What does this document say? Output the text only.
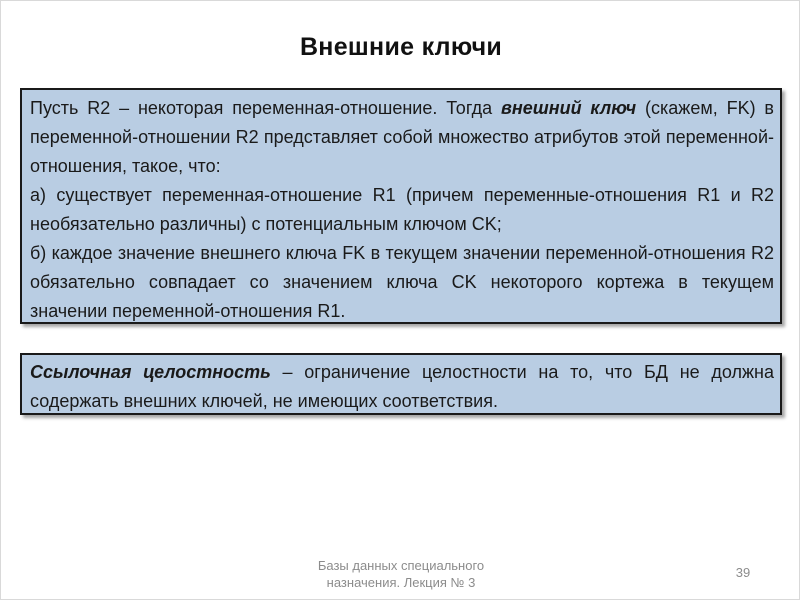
Внешние ключи

Пусть R2 – некоторая переменная-отношение. Тогда внешний ключ (скажем, FK) в переменной-отношении R2 представляет собой множество атрибутов этой переменной-отношения, такое, что:

а) существует переменная-отношение R1 (причем переменные-отношения R1 и R2 необязательно различны) с потенциальным ключом CK;

б) каждое значение внешнего ключа FK в текущем значении переменной-отношения R2 обязательно совпадает со значением ключа CK некоторого кортежа в текущем значении переменной-отношения R1.

Ссылочная целостность – ограничение целостности на то, что БД не должна содержать внешних ключей, не имеющих соответствия.

Базы данных специального
назначения. Лекция № 3
39
